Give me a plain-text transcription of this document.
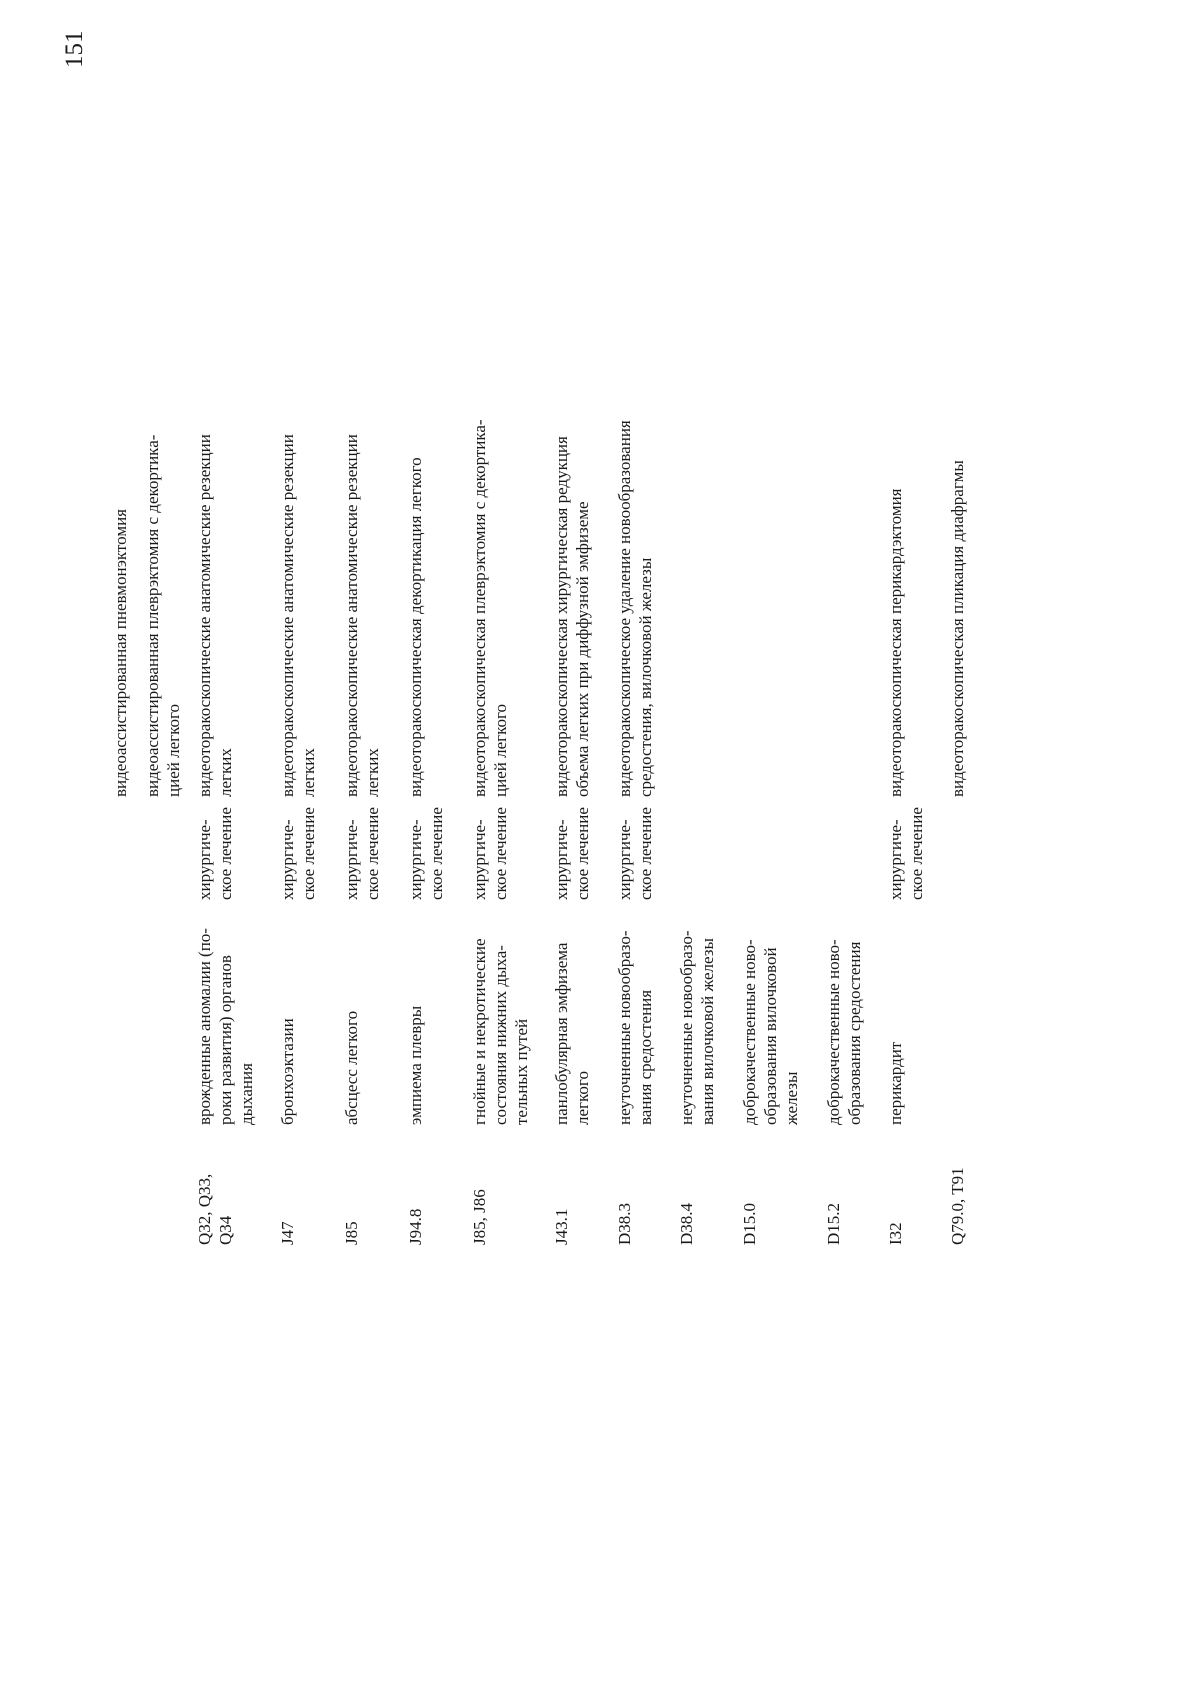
151
видеоассистированная пневмонэктомия видеоассистированная плеврэктомия с декортика-
цией легкого
Q32, Q33,
Q34
врожденные аномалии (по-
роки развития) органов
дыхания
хирургиче-
ское лечение
видеоторакоскопические анатомические резекции
легких
J47
бронхоэктазии
хирургиче-
ское лечение
видеоторакоскопические анатомические резекции
легких
J85
абсцесс легкого
хирургиче-
ское лечение
видеоторакоскопические анатомические резекции
легких
J94.8
эмпиема плевры
хирургиче-
ское лечение
видеоторакоскопическая декортикация легкого
J85, J86
гнойные и некротические
состояния нижних дыха-
тельных путей
хирургиче-
ское лечение
видеоторакоскопическая плеврэктомия с декортика-
цией легкого
J43.1
панлобулярная эмфизема
легкого
хирургиче-
ское лечение
видеоторакоскопическая хирургическая редукция
объема легких при диффузной эмфиземе
D38.3
неуточненные новообразо-
вания средостения
хирургиче-
ское лечение
видеоторакоскопическое удаление новообразования
средостения, вилочковой железы
D38.4
неуточненные новообразо-
вания вилочковой железы
D15.0
доброкачественные ново-
образования вилочковой
железы
D15.2
доброкачественные ново-
образования средостения
I32
перикардит
хирургиче-
ское лечение
видеоторакоскопическая перикардэктомия
Q79.0, T91
видеоторакоскопическая пликация диафрагмы
